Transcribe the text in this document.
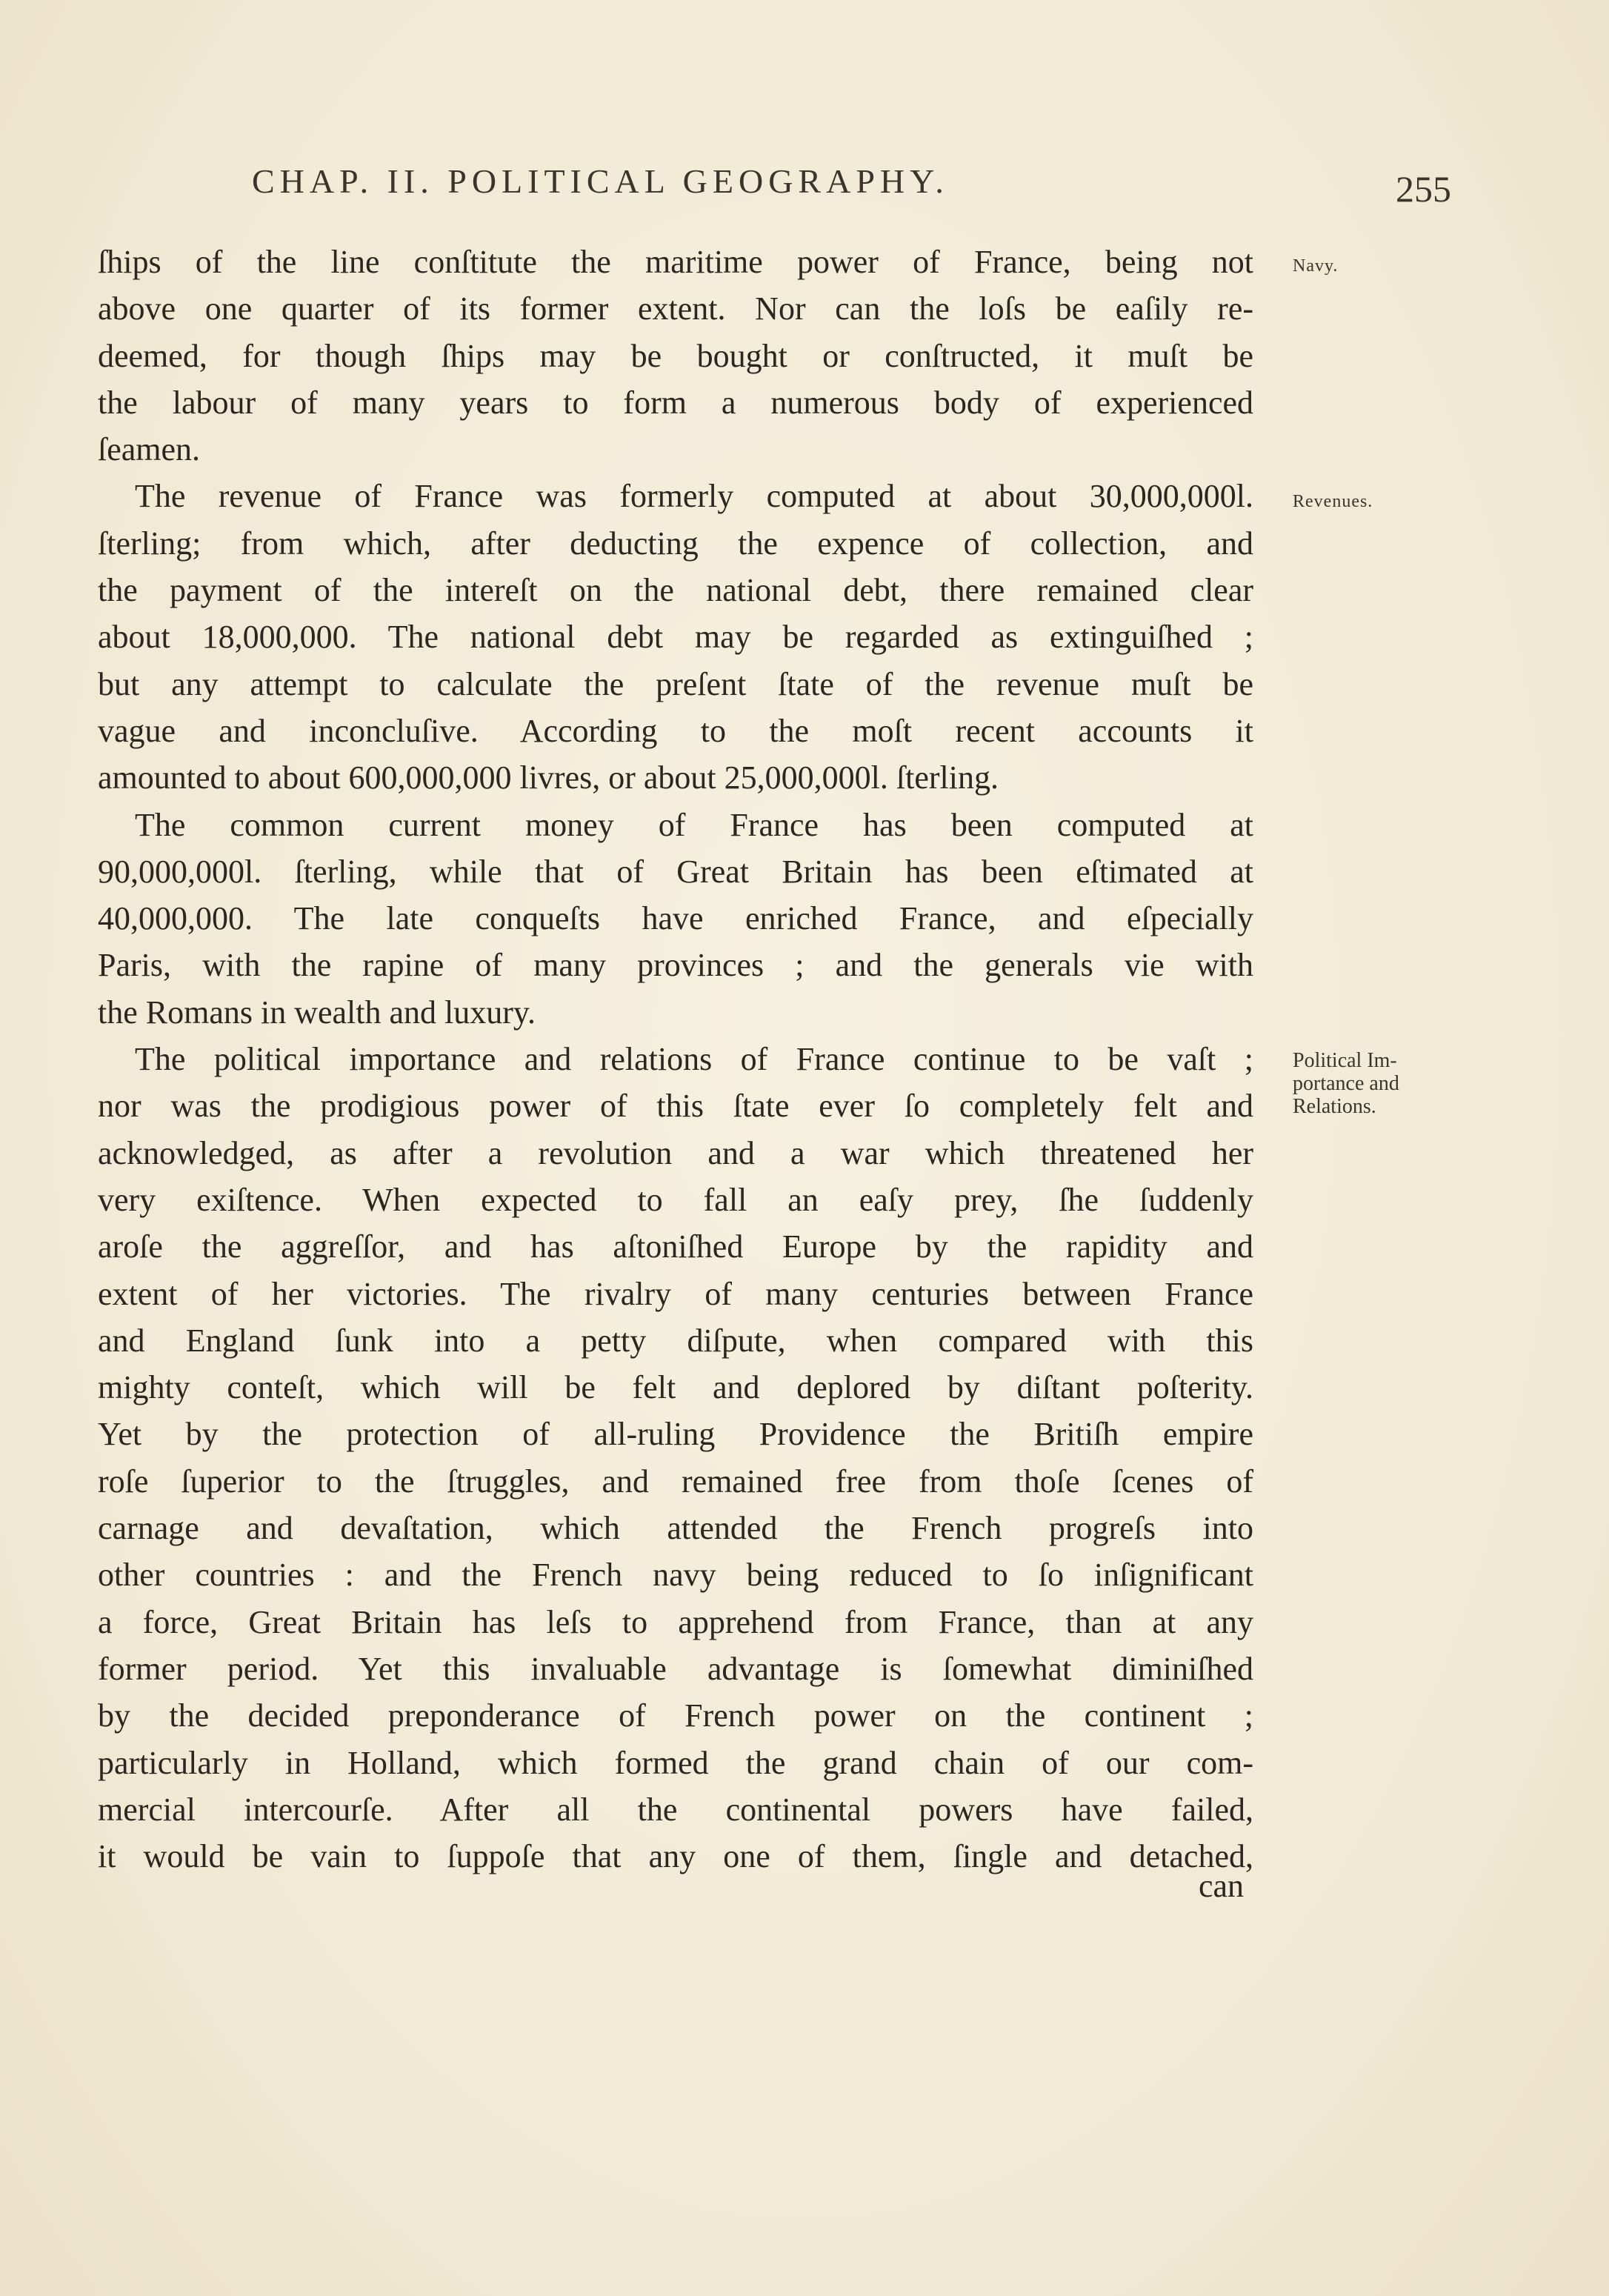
CHAP. II. POLITICAL GEOGRAPHY.	255
ſhips of the line conſtitute the maritime power of France, being not
above one quarter of its former extent. Nor can the loſs be eaſily re-
deemed, for though ſhips may be bought or conſtructed, it muſt be
the labour of many years to form a numerous body of experienced
ſeamen.
The revenue of France was formerly computed at about 30,000,000l.
ſterling; from which, after deducting the expence of collection, and
the payment of the intereſt on the national debt, there remained clear
about 18,000,000. The national debt may be regarded as extinguiſhed ;
but any attempt to calculate the preſent ſtate of the revenue muſt be
vague and inconcluſive. According to the moſt recent accounts it
amounted to about 600,000,000 livres, or about 25,000,000l. ſterling.
The common current money of France has been computed at
90,000,000l. ſterling, while that of Great Britain has been eſtimated at
40,000,000. The late conqueſts have enriched France, and eſpecially
Paris, with the rapine of many provinces ; and the generals vie with
the Romans in wealth and luxury.
The political importance and relations of France continue to be vaſt ;
nor was the prodigious power of this ſtate ever ſo completely felt and
acknowledged, as after a revolution and a war which threatened her
very exiſtence. When expected to fall an eaſy prey, ſhe ſuddenly
aroſe the aggreſſor, and has aſtoniſhed Europe by the rapidity and
extent of her victories. The rivalry of many centuries between France
and England ſunk into a petty diſpute, when compared with this
mighty conteſt, which will be felt and deplored by diſtant poſterity.
Yet by the protection of all-ruling Providence the Britiſh empire
roſe ſuperior to the ſtruggles, and remained free from thoſe ſcenes of
carnage and devaſtation, which attended the French progreſs into
other countries : and the French navy being reduced to ſo inſignificant
a force, Great Britain has leſs to apprehend from France, than at any
former period. Yet this invaluable advantage is ſomewhat diminiſhed
by the decided preponderance of French power on the continent ;
particularly in Holland, which formed the grand chain of our com-
mercial intercourſe. After all the continental powers have failed,
it would be vain to ſuppoſe that any one of them, ſingle and detached,
can
Navy.
Revenues.
Political Im-
portance and
Relations.
